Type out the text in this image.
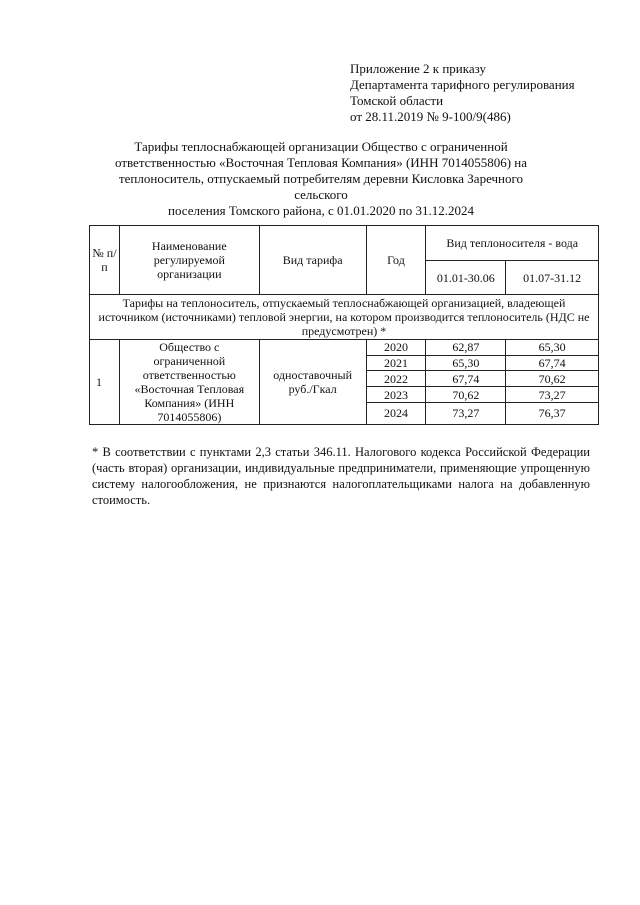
Приложение 2 к приказу
Департамента тарифного регулирования
Томской области
от 28.11.2019 № 9-100/9(486)
Тарифы теплоснабжающей организации Общество с ограниченной
ответственностью «Восточная Тепловая Компания» (ИНН 7014055806) на
теплоноситель, отпускаемый потребителям деревни Кисловка Заречного сельского
поселения Томского района, с 01.01.2020 по 31.12.2024
№ п/п	Наименование регулируемой организации	Вид тарифа	Год	Вид теплоносителя - вода	
				01.01-30.06	01.07-31.12
Тарифы на теплоноситель, отпускаемый теплоснабжающей организацией, владеющей источником (источниками) тепловой энергии, на котором производится теплоноситель (НДС не предусмотрен) *					
1	Общество с ограниченной ответственностью «Восточная Тепловая Компания» (ИНН 7014055806)	одноставочный руб./Гкал	2020	62,87	65,30
			2021	65,30	67,74
			2022	67,74	70,62
			2023	70,62	73,27
			2024	73,27	76,37
* В соответствии с пунктами 2,3 статьи 346.11. Налогового кодекса Российской Федерации (часть вторая) организации, индивидуальные предприниматели, применяющие упрощенную систему налогообложения, не признаются налогоплательщиками налога на добавленную стоимость.
